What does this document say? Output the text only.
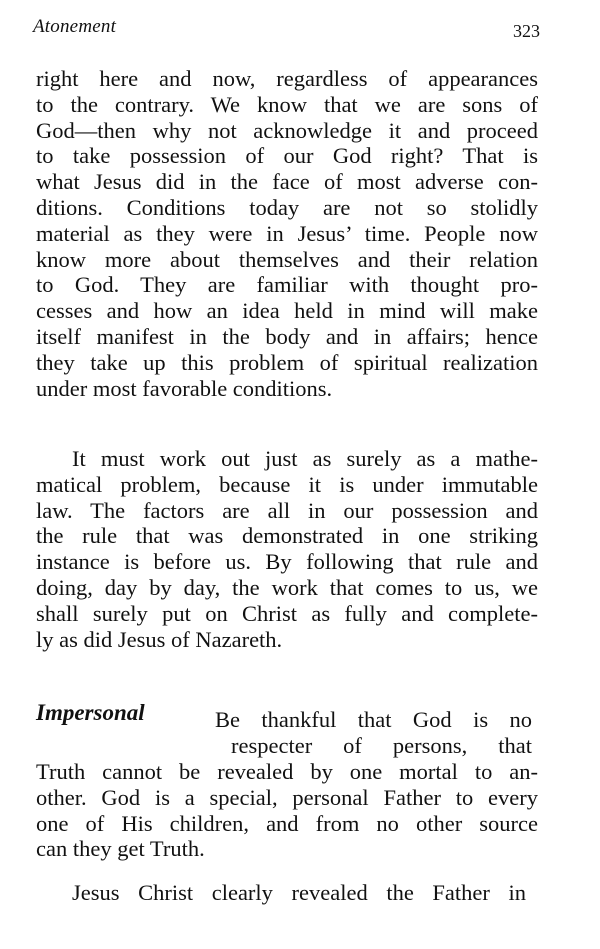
Atonement	323
right here and now, regardless of appearances
to the contrary. We know that we are sons of
God—then why not acknowledge it and proceed
to take possession of our God right? That is
what Jesus did in the face of most adverse con-
ditions. Conditions today are not so stolidly
material as they were in Jesus’ time. People now
know more about themselves and their relation
to God. They are familiar with thought pro-
cesses and how an idea held in mind will make
itself manifest in the body and in affairs; hence
they take up this problem of spiritual realization
under most favorable conditions.
It must work out just as surely as a mathe-
matical problem, because it is under immutable
law. The factors are all in our possession and
the rule that was demonstrated in one striking
instance is before us. By following that rule and
doing, day by day, the work that comes to us, we
shall surely put on Christ as fully and complete-
ly as did Jesus of Nazareth.
Impersonal	Be thankful that God is no
respecter of persons, that
Truth cannot be revealed by one mortal to an-
other. God is a special, personal Father to every
one of His children, and from no other source
can they get Truth.
Jesus Christ clearly revealed the Father in
